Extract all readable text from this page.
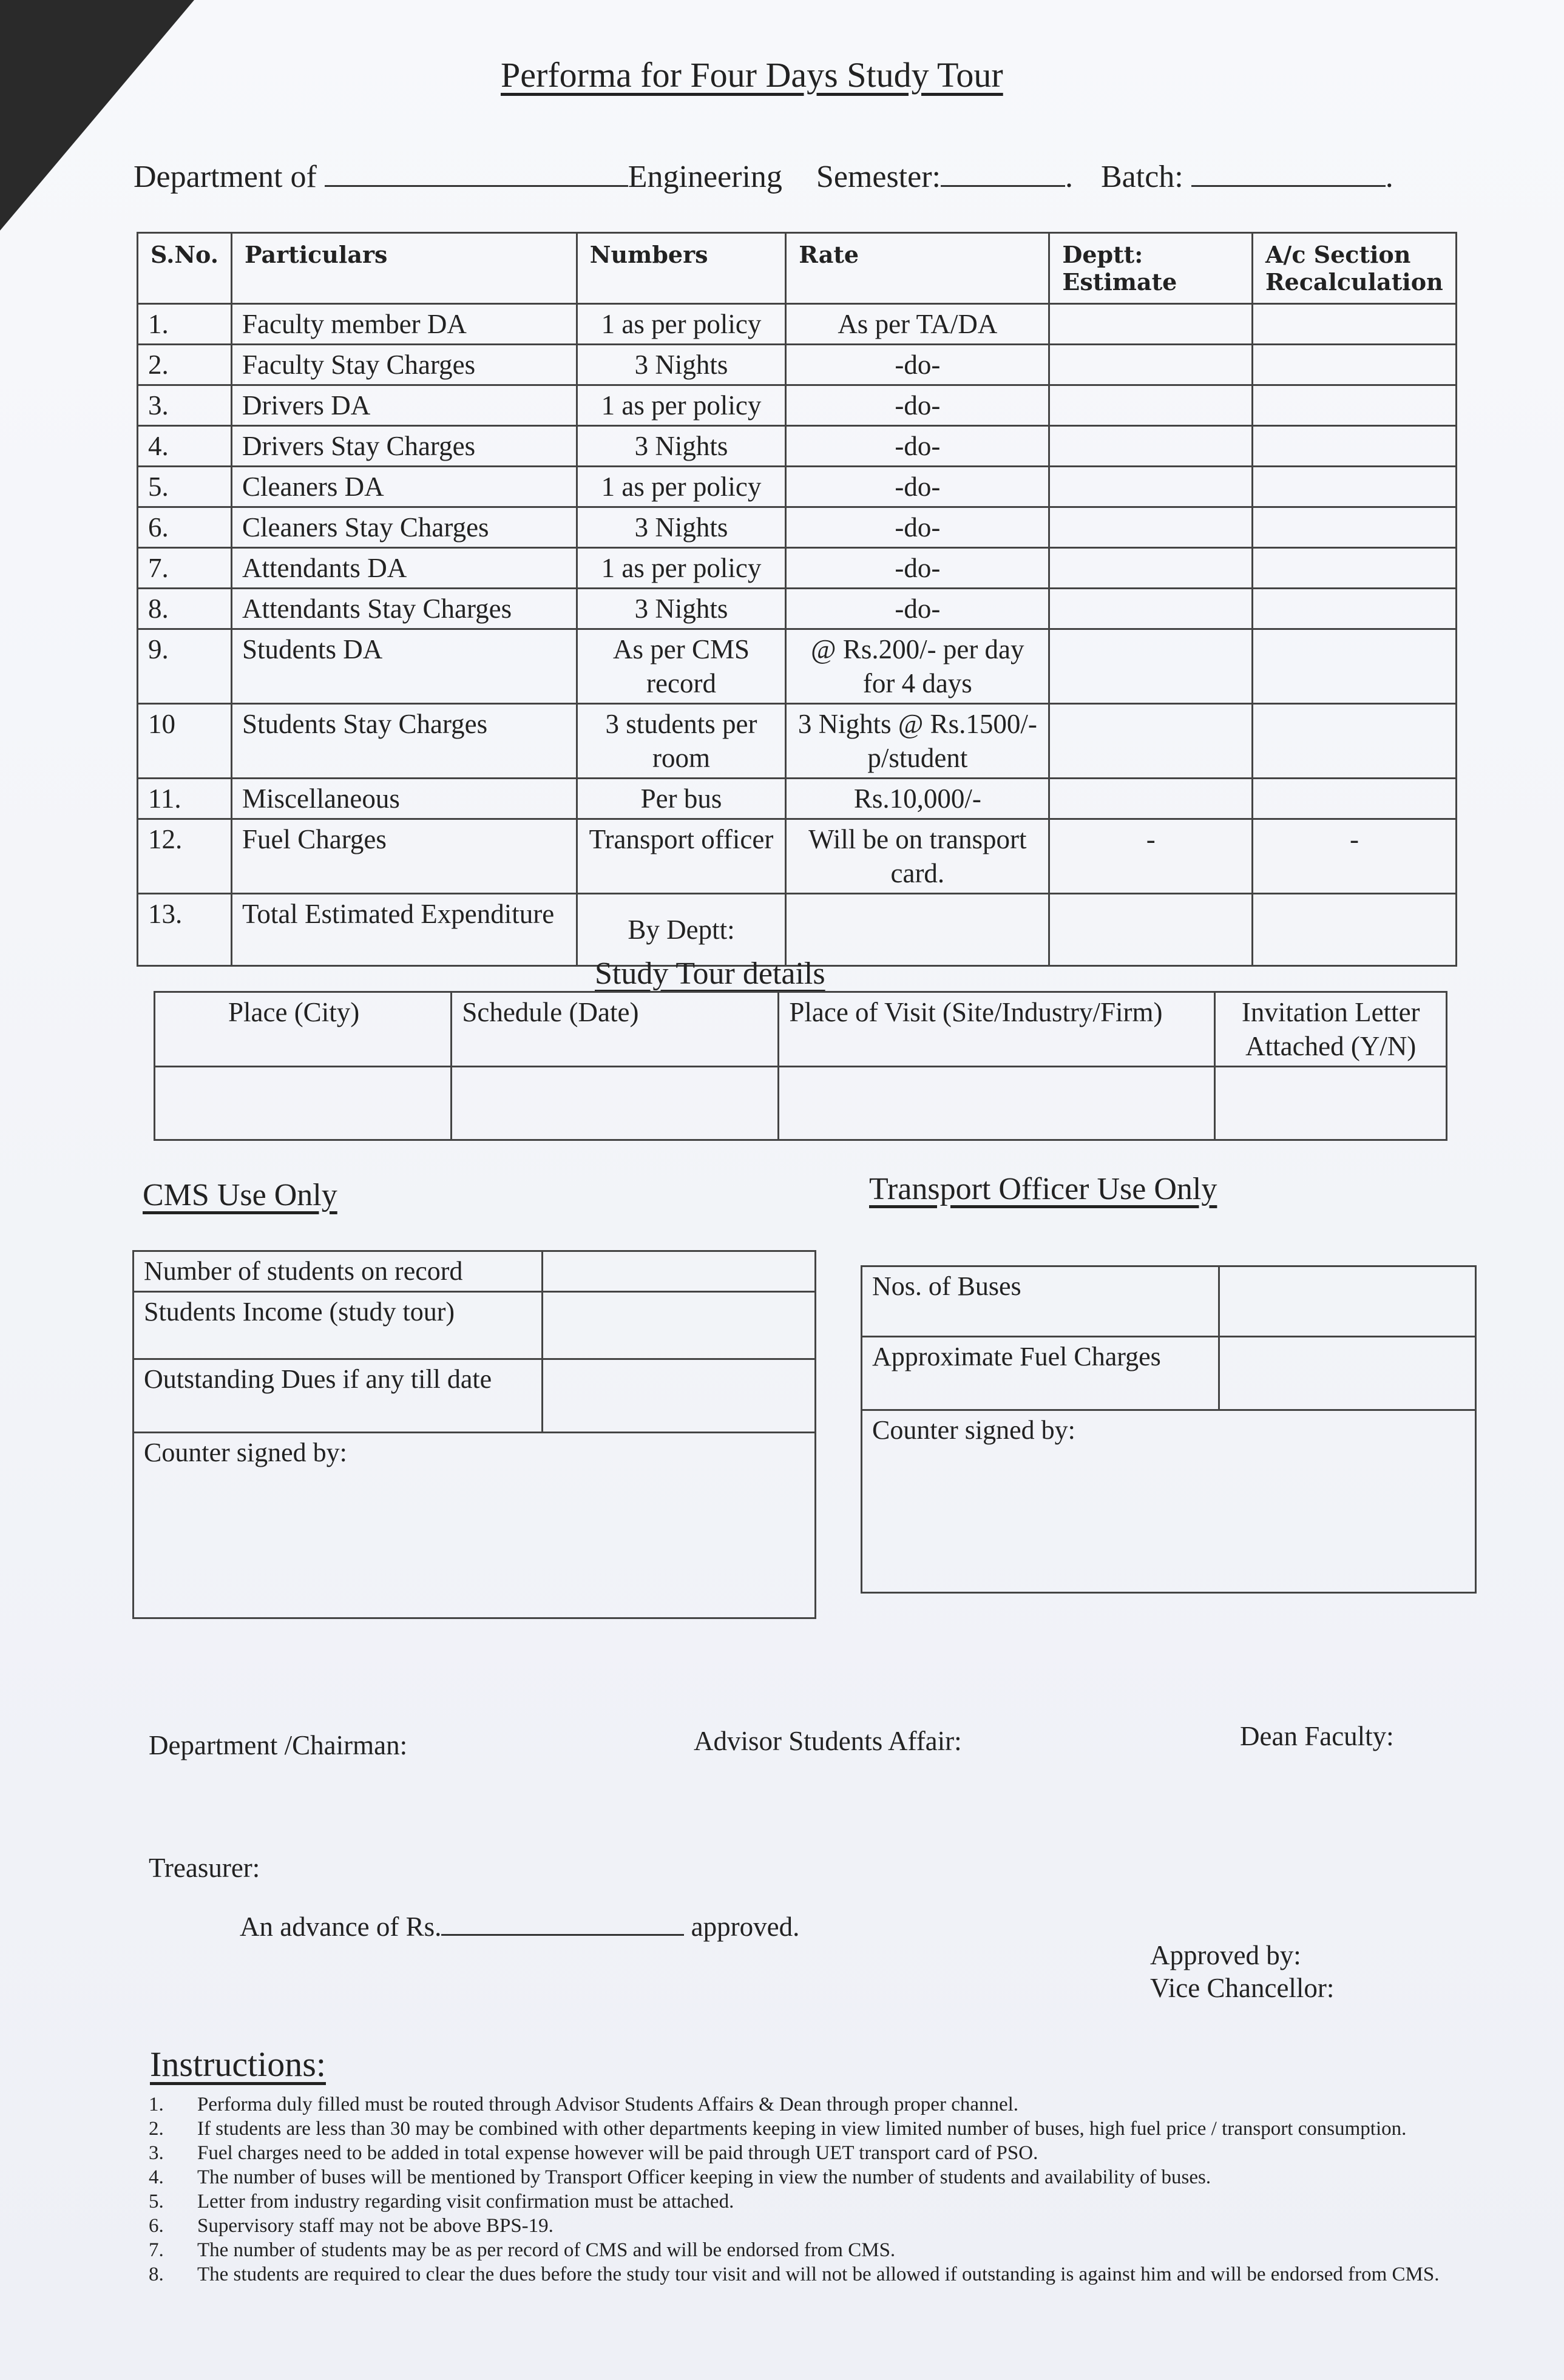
Performa for Four Days Study Tour
Department of	Engineering Semester:	. Batch:	.
S.No.	Particulars	Numbers	Rate	Deptt: Estimate	A/c Section Recalculation
1.	Faculty member DA	1 as per policy	As per TA/DA		
2.	Faculty Stay Charges	3 Nights	-do-		
3.	Drivers DA	1 as per policy	-do-		
4.	Drivers Stay Charges	3 Nights	-do-		
5.	Cleaners DA	1 as per policy	-do-		
6.	Cleaners Stay Charges	3 Nights	-do-		
7.	Attendants DA	1 as per policy	-do-		
8.	Attendants Stay Charges	3 Nights	-do-		
9.	Students DA	As per CMS record	@ Rs.200/- per day for 4 days		
10	Students Stay Charges	3 students per room	3 Nights @ Rs.1500/- p/student		
11.	Miscellaneous	Per bus	Rs.10,000/-		
12.	Fuel Charges	Transport officer	Will be on transport card.	-	-
13.	Total Estimated Expenditure	By Deptt:			
Study Tour details
Place (City)	Schedule (Date)	Place of Visit (Site/Industry/Firm)	Invitation Letter Attached (Y/N)

CMS Use Only
Number of students on record	
Students Income (study tour)	
Outstanding Dues if any till date	
Counter signed by:	
Transport Officer Use Only
Nos. of Buses	
Approximate Fuel Charges	
Counter signed by:	
Department /Chairman:	Advisor Students Affair:	Dean Faculty:
Treasurer:
An advance of Rs.	approved.
Approved by:
Vice Chancellor:
Instructions:
1.	Performa duly filled must be routed through Advisor Students Affairs & Dean through proper channel.
2.	If students are less than 30 may be combined with other departments keeping in view limited number of buses, high fuel price / transport consumption.
3.	Fuel charges need to be added in total expense however will be paid through UET transport card of PSO.
4.	The number of buses will be mentioned by Transport Officer keeping in view the number of students and availability of buses.
5.	Letter from industry regarding visit confirmation must be attached.
6.	Supervisory staff may not be above BPS-19.
7.	The number of students may be as per record of CMS and will be endorsed from CMS.
8.	The students are required to clear the dues before the study tour visit and will not be allowed if outstanding is against him and will be endorsed from CMS.
